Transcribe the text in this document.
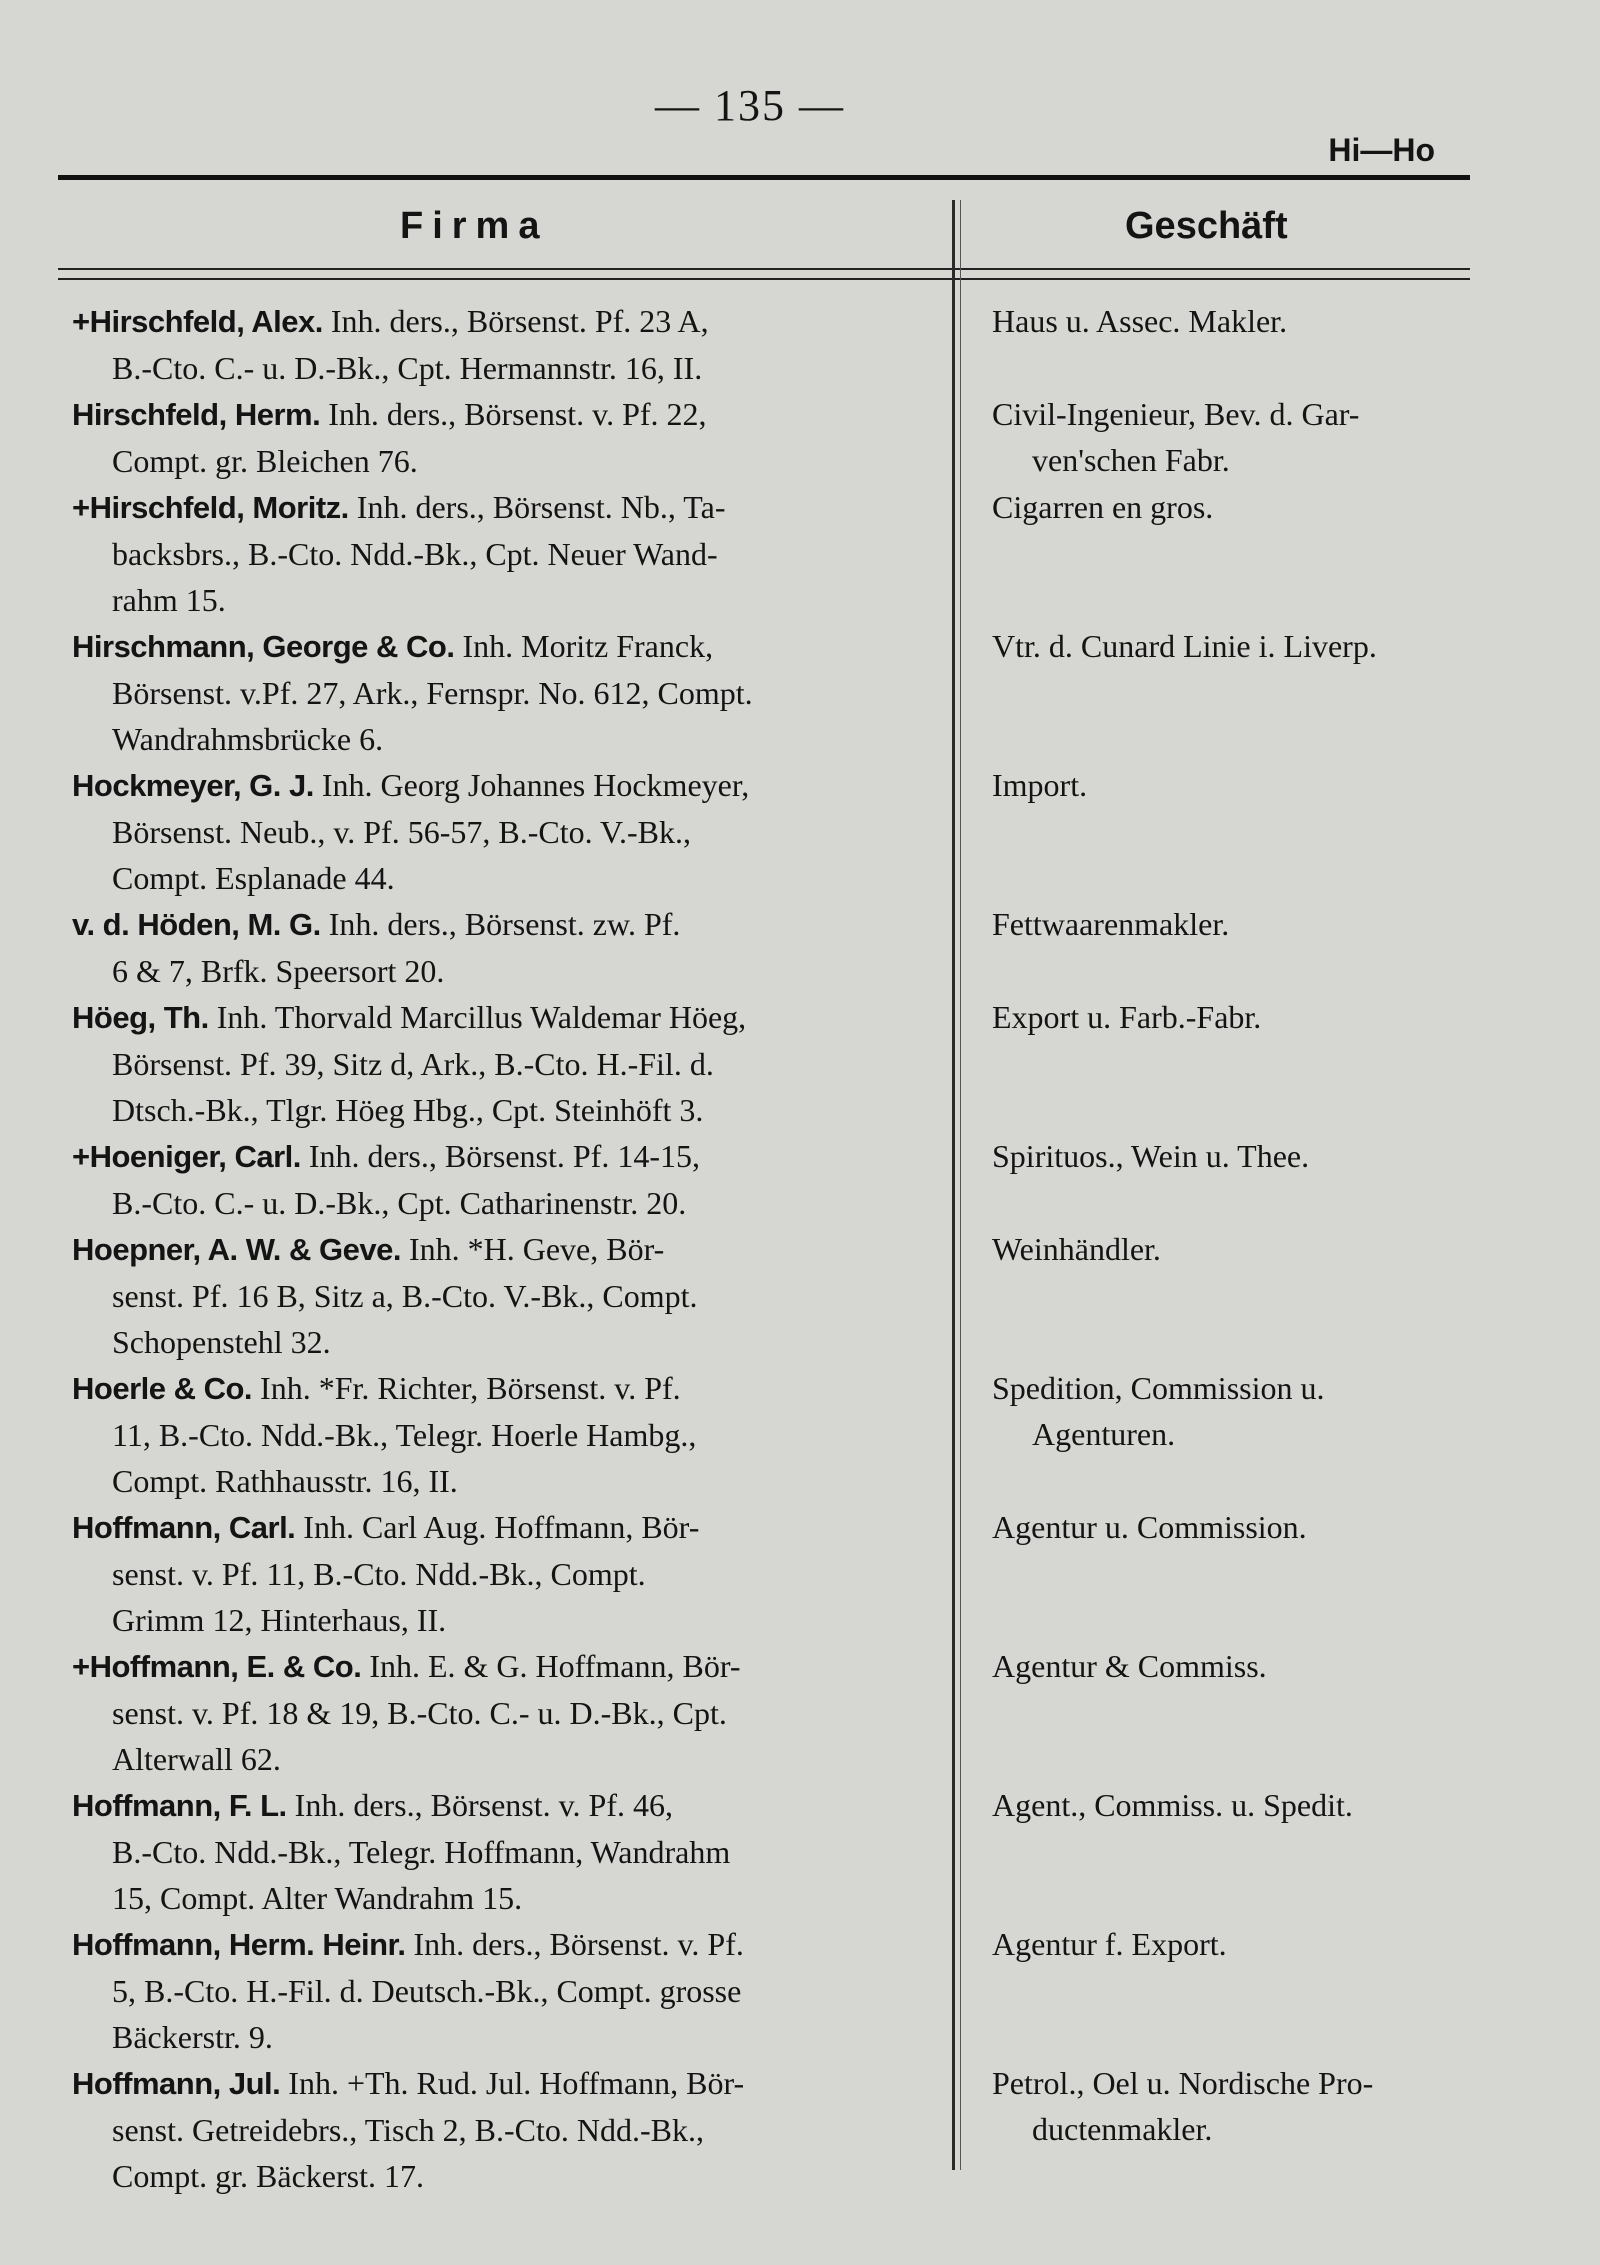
— 135 —
Hi—Ho
Firma	Geschäft
+Hirschfeld, Alex. Inh. ders., Börsenst. Pf. 23 A,
B.-Cto. C.- u. D.-Bk., Cpt. Hermannstr. 16, II.
Haus u. Assec. Makler.
Hirschfeld, Herm. Inh. ders., Börsenst. v. Pf. 22,
Compt. gr. Bleichen 76.
Civil-Ingenieur, Bev. d. Gar-
ven'schen Fabr.
+Hirschfeld, Moritz. Inh. ders., Börsenst. Nb., Ta-
backsbrs., B.-Cto. Ndd.-Bk., Cpt. Neuer Wand-
rahm 15.
Cigarren en gros.
Hirschmann, George & Co. Inh. Moritz Franck,
Börsenst. v.Pf. 27, Ark., Fernspr. No. 612, Compt.
Wandrahmsbrücke 6.
Vtr. d. Cunard Linie i. Liverp.
Hockmeyer, G. J. Inh. Georg Johannes Hockmeyer,
Börsenst. Neub., v. Pf. 56-57, B.-Cto. V.-Bk.,
Compt. Esplanade 44.
Import.
v. d. Höden, M. G. Inh. ders., Börsenst. zw. Pf.
6 & 7, Brfk. Speersort 20.
Fettwaarenmakler.
Höeg, Th. Inh. Thorvald Marcillus Waldemar Höeg,
Börsenst. Pf. 39, Sitz d, Ark., B.-Cto. H.-Fil. d.
Dtsch.-Bk., Tlgr. Höeg Hbg., Cpt. Steinhöft 3.
Export u. Farb.-Fabr.
+Hoeniger, Carl. Inh. ders., Börsenst. Pf. 14-15,
B.-Cto. C.- u. D.-Bk., Cpt. Catharinenstr. 20.
Spirituos., Wein u. Thee.
Hoepner, A. W. & Geve. Inh. *H. Geve, Bör-
senst. Pf. 16 B, Sitz a, B.-Cto. V.-Bk., Compt.
Schopenstehl 32.
Weinhändler.
Hoerle & Co. Inh. *Fr. Richter, Börsenst. v. Pf.
11, B.-Cto. Ndd.-Bk., Telegr. Hoerle Hambg.,
Compt. Rathhausstr. 16, II.
Spedition, Commission u.
Agenturen.
Hoffmann, Carl. Inh. Carl Aug. Hoffmann, Bör-
senst. v. Pf. 11, B.-Cto. Ndd.-Bk., Compt.
Grimm 12, Hinterhaus, II.
Agentur u. Commission.
+Hoffmann, E. & Co. Inh. E. & G. Hoffmann, Bör-
senst. v. Pf. 18 & 19, B.-Cto. C.- u. D.-Bk., Cpt.
Alterwall 62.
Agentur & Commiss.
Hoffmann, F. L. Inh. ders., Börsenst. v. Pf. 46,
B.-Cto. Ndd.-Bk., Telegr. Hoffmann, Wandrahm
15, Compt. Alter Wandrahm 15.
Agent., Commiss. u. Spedit.
Hoffmann, Herm. Heinr. Inh. ders., Börsenst. v. Pf.
5, B.-Cto. H.-Fil. d. Deutsch.-Bk., Compt. grosse
Bäckerstr. 9.
Agentur f. Export.
Hoffmann, Jul. Inh. +Th. Rud. Jul. Hoffmann, Bör-
senst. Getreidebrs., Tisch 2, B.-Cto. Ndd.-Bk.,
Compt. gr. Bäckerst. 17.
Petrol., Oel u. Nordische Pro-
ductenmakler.
